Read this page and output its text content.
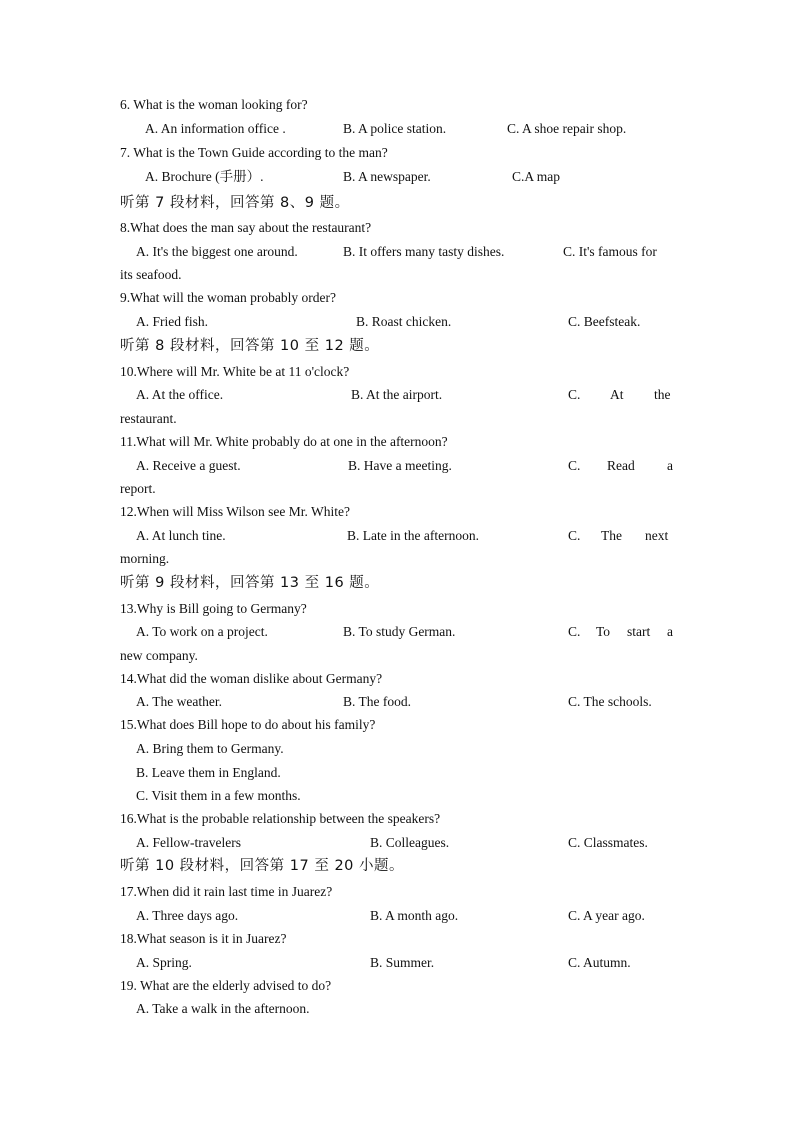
6. What is the woman looking for?
A. An information office .	B. A police station.	C. A shoe repair shop.
7. What is the Town Guide according to the man?
A. Brochure (手册）.	B. A newspaper.	C.A map
听第 7 段材料，回答第 8、9 题。
8.What does the man say about the restaurant?
A. It's the biggest one around.	B. It offers many tasty dishes.	C. It's famous for
its seafood.
9.What will the woman probably order?
A. Fried fish.	B. Roast chicken.	C. Beefsteak.
听第 8 段材料，回答第 10 至 12 题。
10.Where will Mr. White be at 11 o'clock?
A. At the office.	B. At the airport.	C. At the
restaurant.
11.What will Mr. White probably do at one in the afternoon?
A. Receive a guest.	B. Have a meeting.	C. Read a
report.
12.When will Miss Wilson see Mr. White?
A. At lunch tine.	B. Late in the afternoon.	C. The next
morning.
听第 9 段材料，回答第 13 至 16 题。
13.Why is Bill going to Germany?
A. To work on a project.	B. To study German.	C. To start a
new company.
14.What did the woman dislike about Germany?
A. The weather.	B. The food.	C. The schools.
15.What does Bill hope to do about his family?
A. Bring them to Germany.
B. Leave them in England.
C. Visit them in a few months.
16.What is the probable relationship between the speakers?
A. Fellow-travelers	B. Colleagues.	C. Classmates.
听第 10 段材料，回答第 17 至 20 小题。
17.When did it rain last time in Juarez?
A. Three days ago.	B. A month ago.	C. A year ago.
18.What season is it in Juarez?
A. Spring.	B. Summer.	C. Autumn.
19. What are the elderly advised to do?
A. Take a walk in the afternoon.
